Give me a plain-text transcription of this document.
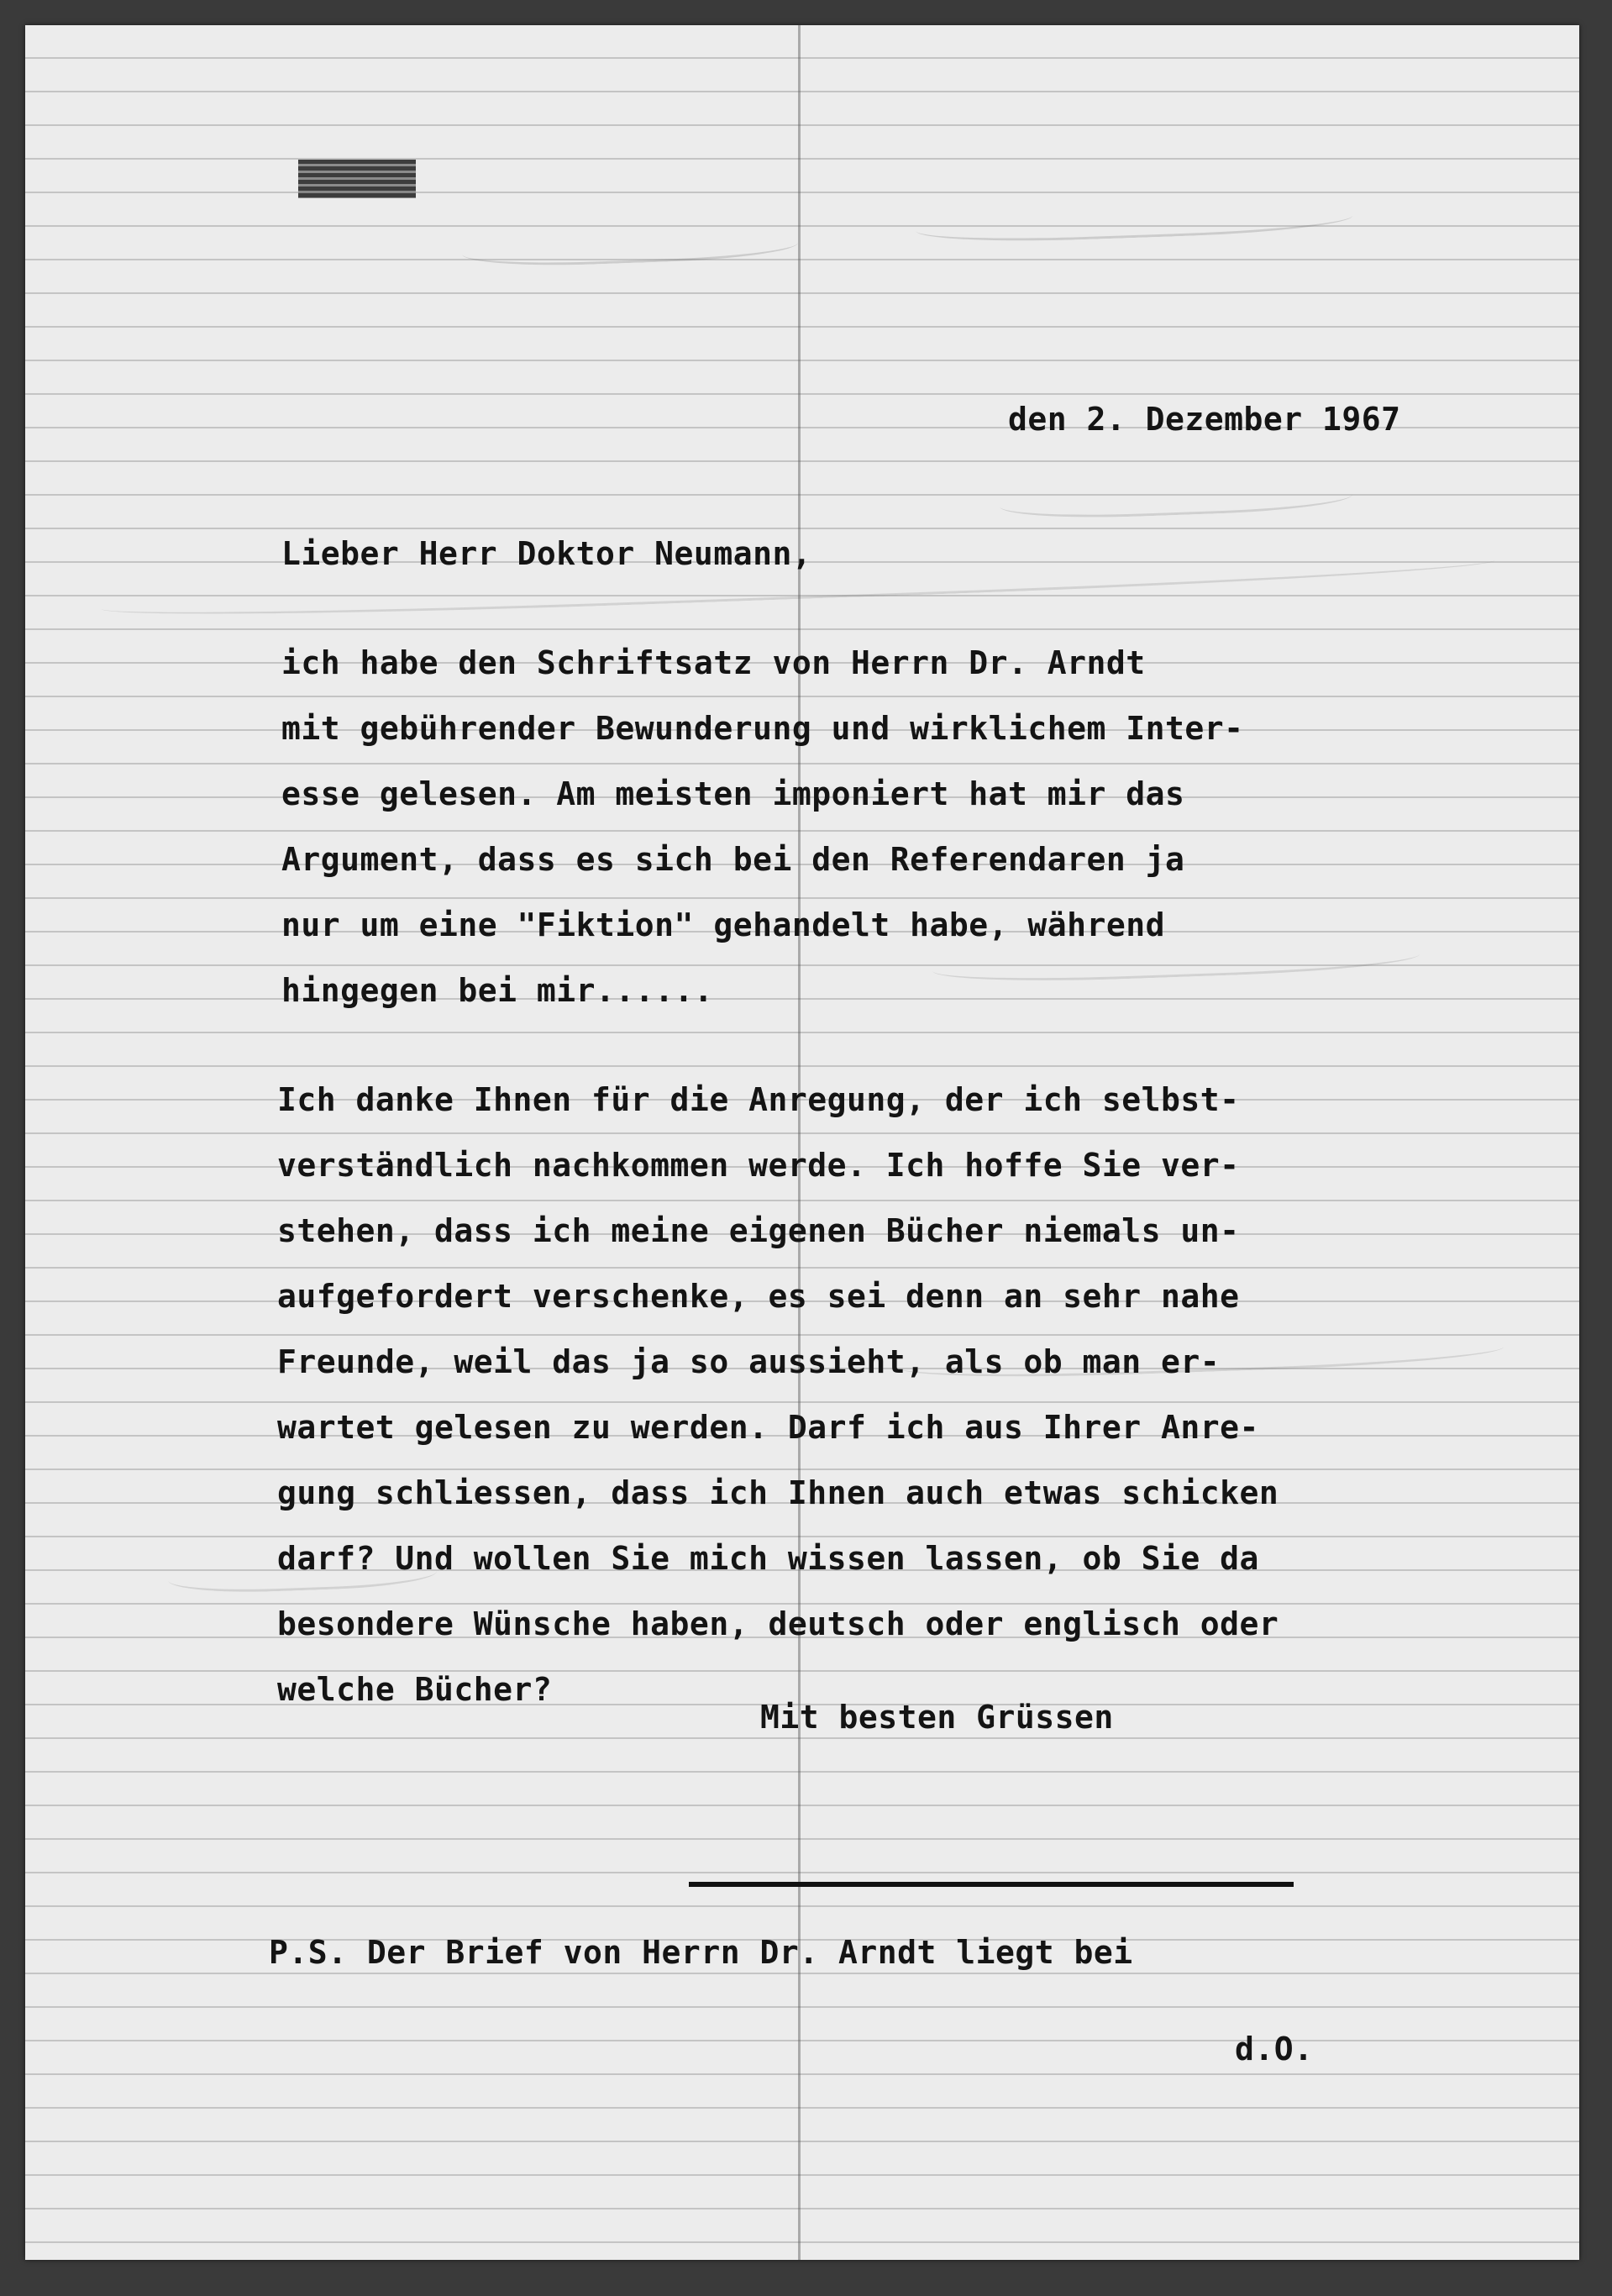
den 2. Dezember 1967
Lieber Herr Doktor Neumann,
ich habe den Schriftsatz von Herrn Dr. Arndt
mit gebührender Bewunderung und wirklichem Inter-
esse gelesen. Am meisten imponiert hat mir das
Argument, dass es sich bei den Referendaren ja
nur um eine "Fiktion" gehandelt habe, während
hingegen bei mir......
Ich danke Ihnen für die Anregung, der ich selbst-
verständlich nachkommen werde. Ich hoffe Sie ver-
stehen, dass ich meine eigenen Bücher niemals un-
aufgefordert verschenke, es sei denn an sehr nahe
Freunde, weil das ja so aussieht, als ob man er-
wartet gelesen zu werden. Darf ich aus Ihrer Anre-
gung schliessen, dass ich Ihnen auch etwas schicken
darf? Und wollen Sie mich wissen lassen, ob Sie da
besondere Wünsche haben, deutsch oder englisch oder
welche Bücher?
Mit besten Grüssen
P.S. Der Brief von Herrn Dr. Arndt liegt bei
d.O.
